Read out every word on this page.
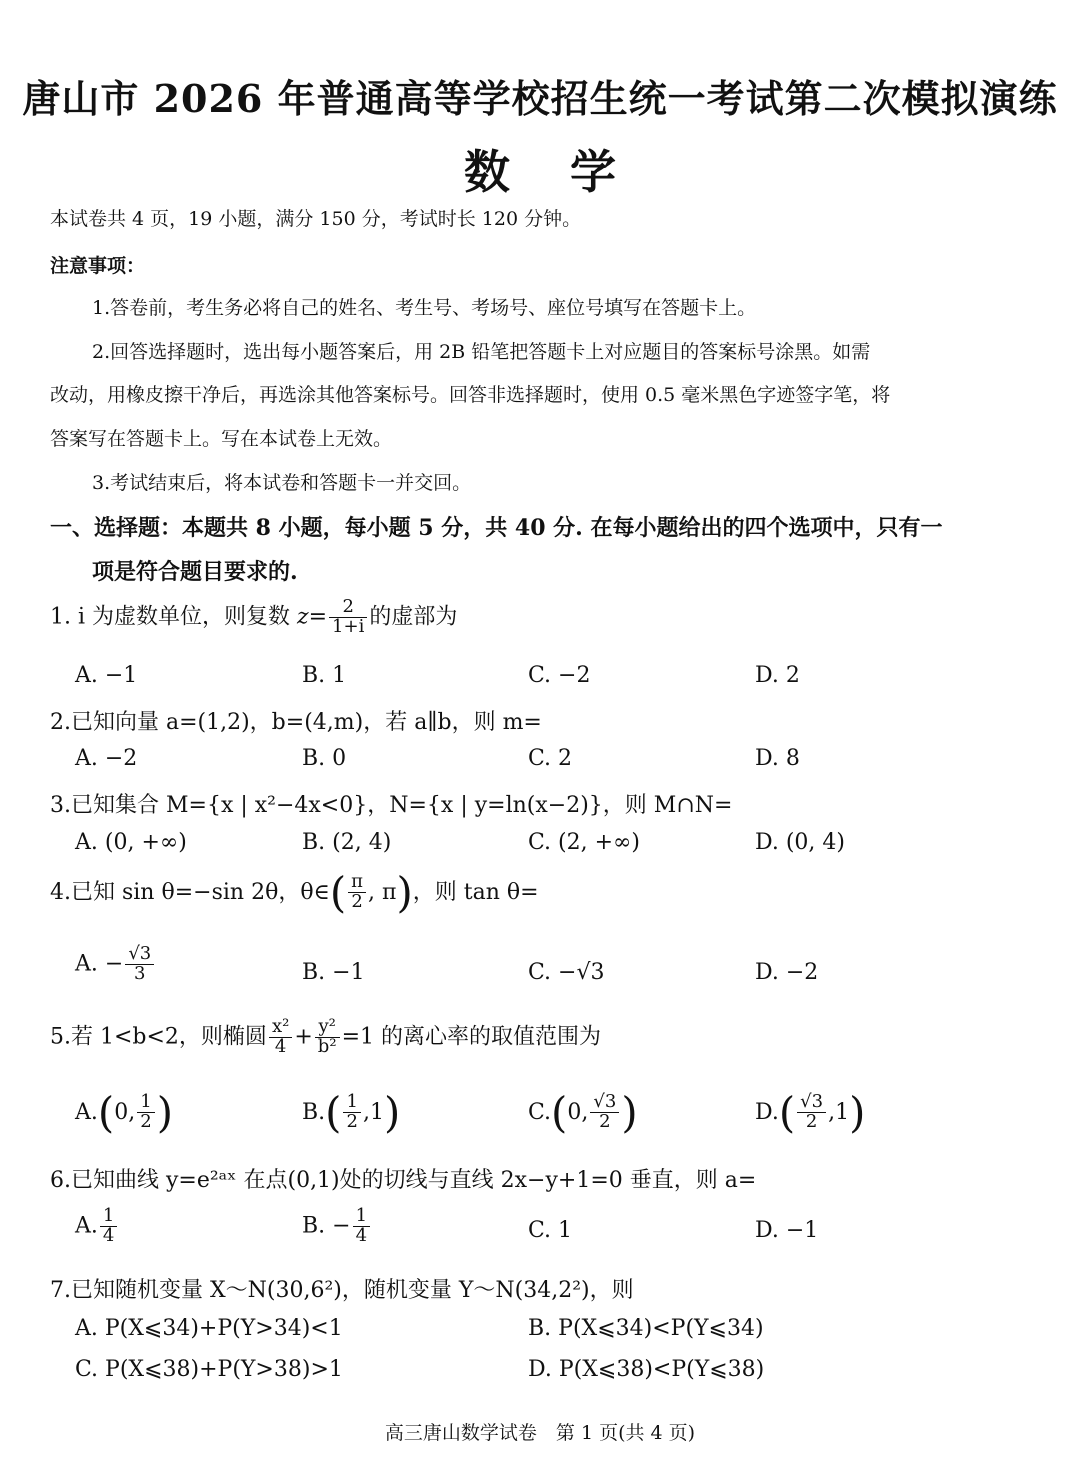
唐山市 2026 年普通高等学校招生统一考试第二次模拟演练
数学
本试卷共 4 页，19 小题，满分 150 分，考试时长 120 分钟。
注意事项：
1.答卷前，考生务必将自己的姓名、考生号、考场号、座位号填写在答题卡上。
2.回答选择题时，选出每小题答案后，用 2B 铅笔把答题卡上对应题目的答案标号涂黑。如需
改动，用橡皮擦干净后，再选涂其他答案标号。回答非选择题时，使用 0.5 毫米黑色字迹签字笔，将
答案写在答题卡上。写在本试卷上无效。
3.考试结束后，将本试卷和答题卡一并交回。
一、选择题：本题共 8 小题，每小题 5 分，共 40 分. 在每小题给出的四个选项中，只有一
项是符合题目要求的.
1. i 为虚数单位，则复数 $z= \frac{2}{1+i}$ 的虚部为
A. −1	B. 1	C. −2	D. 2
2.已知向量 a=(1,2)，b=(4,m)，若 a∥b，则 m=
A. −2	B. 0	C. 2	D. 8
3.已知集合 M={x | x²−4x<0}，N={x | y=ln(x−2)}，则 M∩N=
A. (0, +∞)	B. (2, 4)	C. (2, +∞)	D. (0, 4)
4.已知 sin θ=−sin 2θ，θ∈( $\frac{\pi}{2}$ , π)，则 tan θ=
A. − $\frac{√3}{3}$	B. −1	C. −√3	D. −2
5.若 1<b<2，则椭圆 $\frac{\text{x²}}{4} + \frac{\text{y²}}{\text{b²}} =1$ 的离心率的取值范围为
A.(0, $\frac{1}{2}$ )	$B.( \frac{1}{2} ,1)$	C.(0, $\frac{√3}{2}$ )	$D.( \frac{√3}{2} ,1)$
6.已知曲线 y=e²ᵃˣ 在点(0,1)处的切线与直线 2x−y+1=0 垂直，则 a=
A. $\frac{1}{4}$	B. − $\frac{1}{4}$	C. 1	D. −1
7.已知随机变量 X～N(30,6²)，随机变量 Y～N(34,2²)，则
A. P(X⩽34)+P(Y>34)<1	B. P(X⩽34)<P(Y⩽34)
C. P(X⩽38)+P(Y>38)>1	D. P(X⩽38)<P(Y⩽38)
高三唐山数学试卷　第 1 页(共 4 页)
